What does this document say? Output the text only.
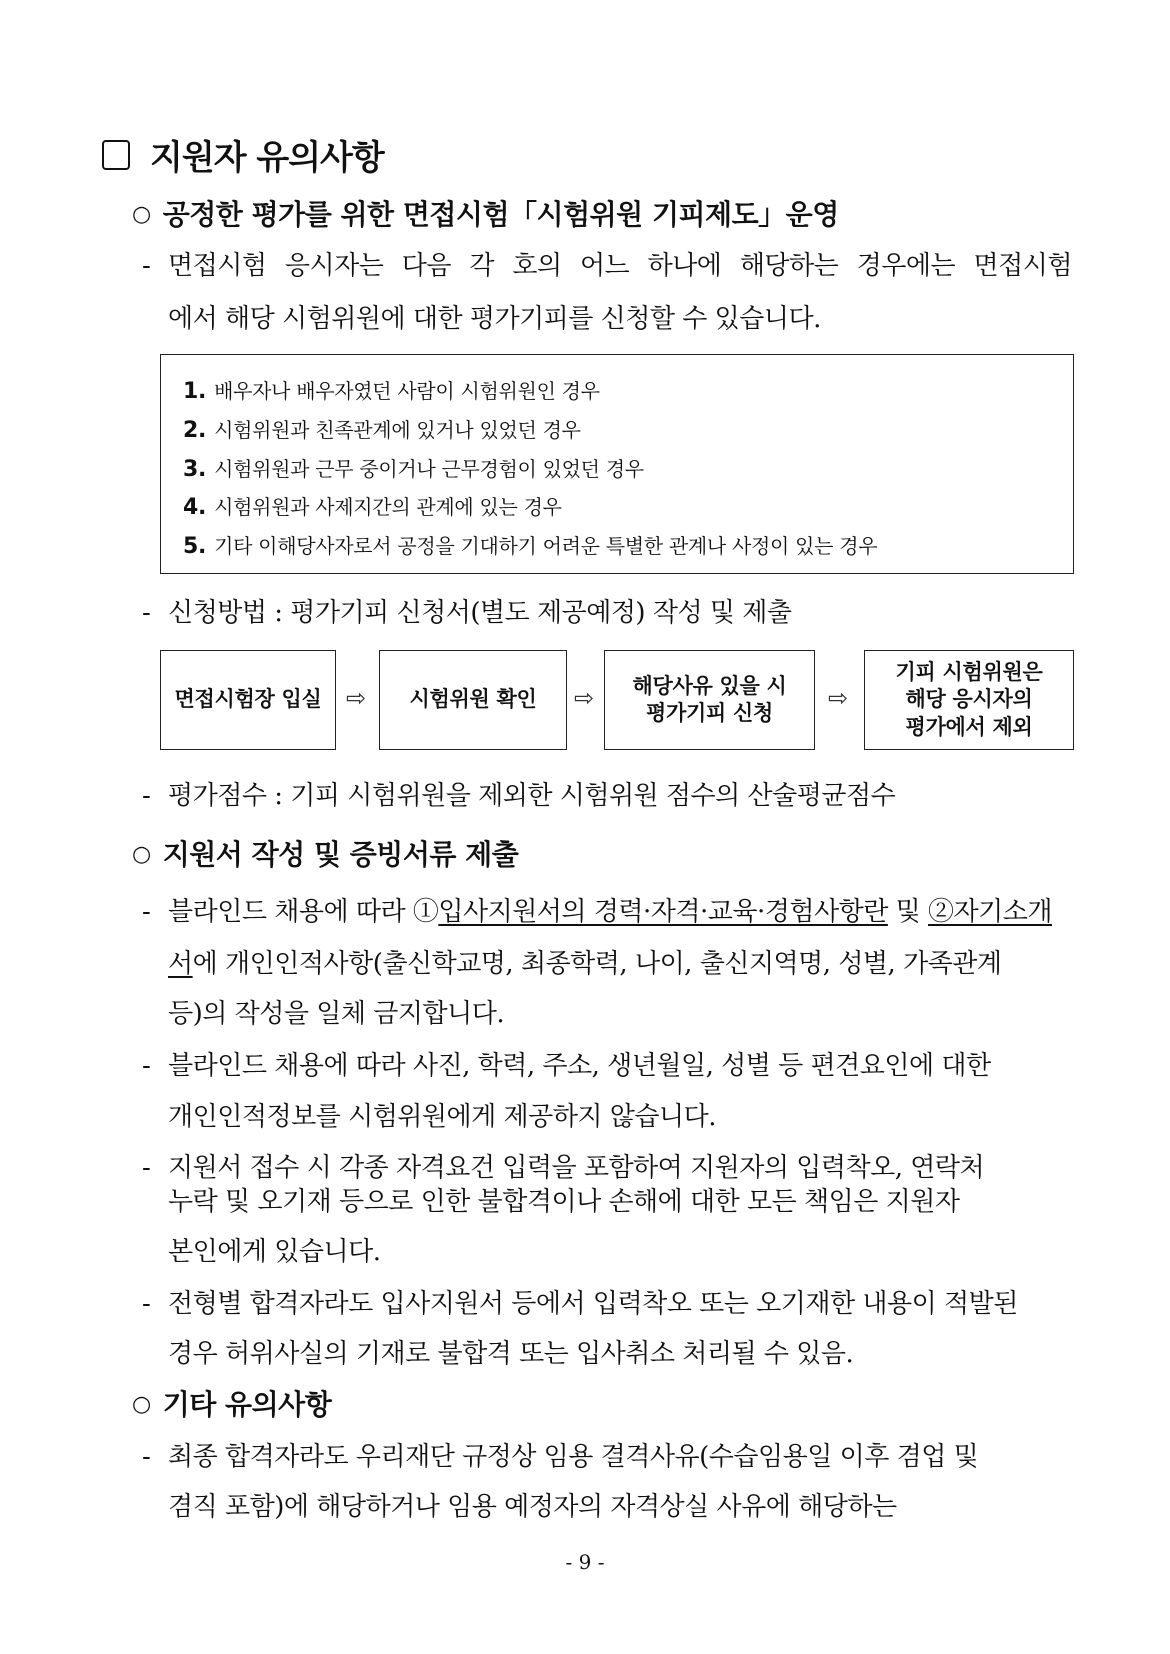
지원자 유의사항
○ 공정한 평가를 위한 면접시험「시험위원 기피제도」운영
- 면접시험 응시자는 다음 각 호의 어느 하나에 해당하는 경우에는 면접시험
에서 해당 시험위원에 대한 평가기피를 신청할 수 있습니다.
1. 배우자나 배우자였던 사람이 시험위원인 경우
2. 시험위원과 친족관계에 있거나 있었던 경우
3. 시험위원과 근무 중이거나 근무경험이 있었던 경우
4. 시험위원과 사제지간의 관계에 있는 경우
5. 기타 이해당사자로서 공정을 기대하기 어려운 특별한 관계나 사정이 있는 경우
- 신청방법 : 평가기피 신청서(별도 제공예정) 작성 및 제출
면접시험장 입실 ⇨ 시험위원 확인 ⇨ 해당사유 있을 시
평가기피 신청
⇨
기피 시험위원은
해당 응시자의
평가에서 제외
- 평가점수 : 기피 시험위원을 제외한 시험위원 점수의 산술평균점수
○ 지원서 작성 및 증빙서류 제출
- 블라인드 채용에 따라 ①입사지원서의 경력·자격·교육·경험사항란 및 ②자기소개
서에 개인인적사항(출신학교명, 최종학력, 나이, 출신지역명, 성별, 가족관계
등)의 작성을 일체 금지합니다.
- 블라인드 채용에 따라 사진, 학력, 주소, 생년월일, 성별 등 편견요인에 대한
개인인적정보를 시험위원에게 제공하지 않습니다.
- 지원서 접수 시 각종 자격요건 입력을 포함하여 지원자의 입력착오, 연락처
누락 및 오기재 등으로 인한 불합격이나 손해에 대한 모든 책임은 지원자
본인에게 있습니다.
- 전형별 합격자라도 입사지원서 등에서 입력착오 또는 오기재한 내용이 적발된
경우 허위사실의 기재로 불합격 또는 입사취소 처리될 수 있음.
○ 기타 유의사항
- 최종 합격자라도 우리재단 규정상 임용 결격사유(수습임용일 이후 겸업 및
겸직 포함)에 해당하거나 임용 예정자의 자격상실 사유에 해당하는
- 9 -
